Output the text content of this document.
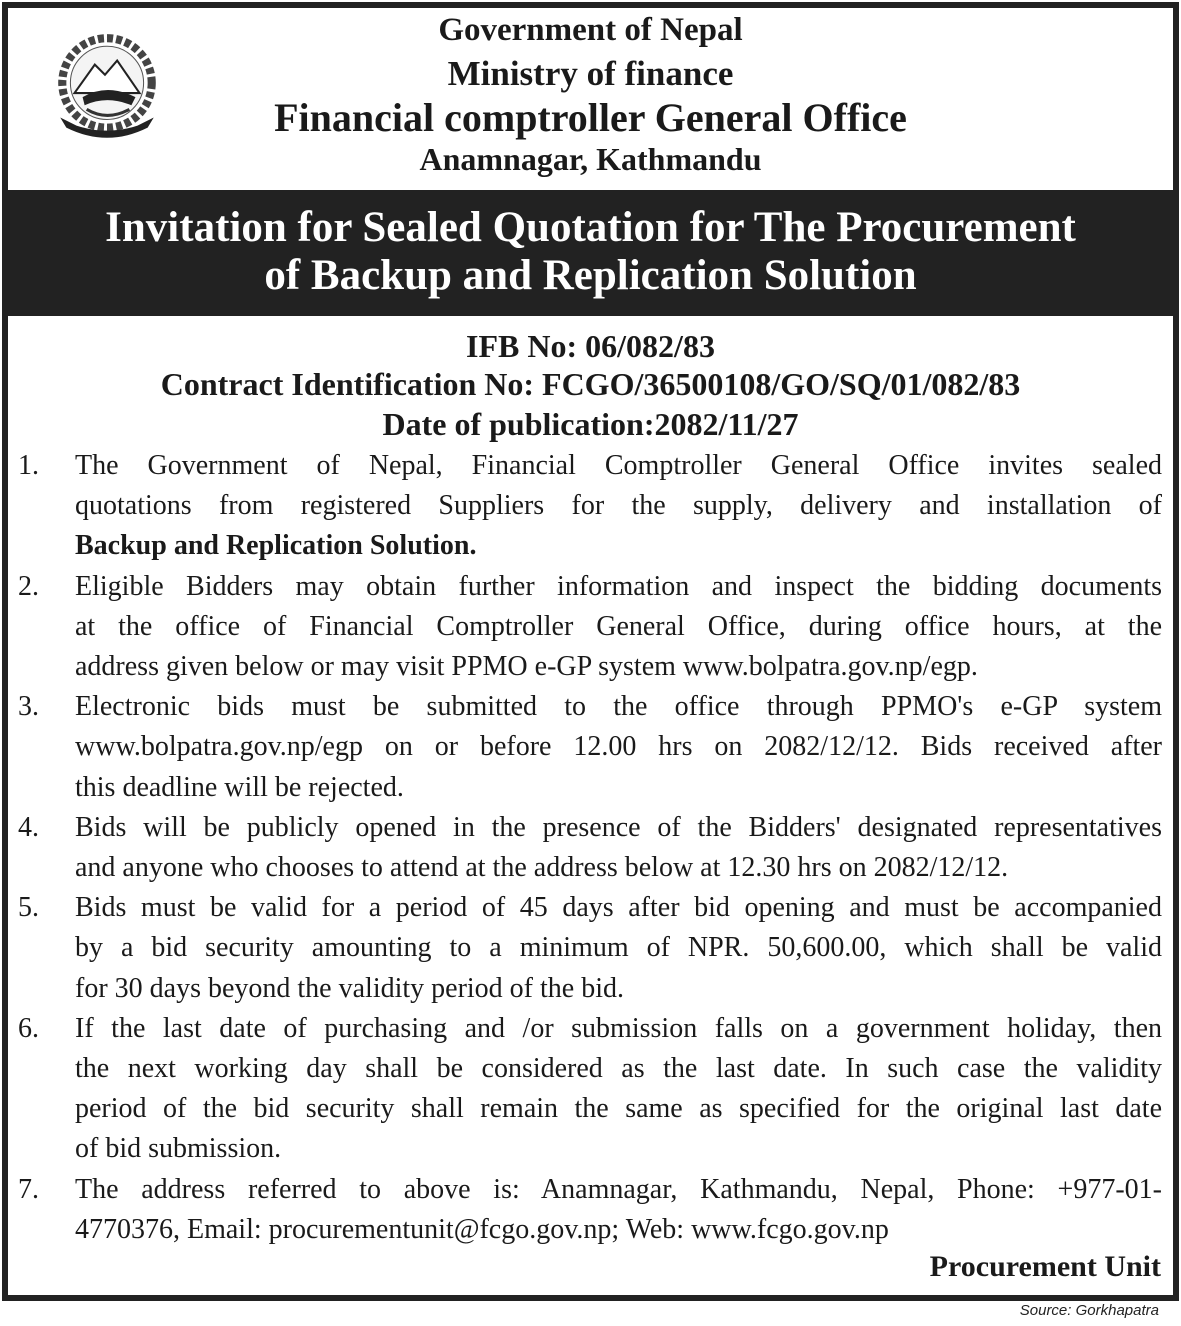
Government of Nepal
Ministry of finance
Financial comptroller General Office
Anamnagar, Kathmandu
Invitation for Sealed Quotation for The Procurement
of Backup and Replication Solution
IFB No: 06/082/83
Contract Identification No: FCGO/36500108/GO/SQ/01/082/83
Date of publication:2082/11/27
1. The Government of Nepal, Financial Comptroller General Office invites sealed
quotations from registered Suppliers for the supply, delivery and installation of
Backup and Replication Solution.
2. Eligible Bidders may obtain further information and inspect the bidding documents
at the office of Financial Comptroller General Office, during office hours, at the
address given below or may visit PPMO e-GP system www.bolpatra.gov.np/egp.
3. Electronic bids must be submitted to the office through PPMO's e-GP system
www.bolpatra.gov.np/egp on or before 12.00 hrs on 2082/12/12. Bids received after
this deadline will be rejected.
4. Bids will be publicly opened in the presence of the Bidders' designated representatives
and anyone who chooses to attend at the address below at 12.30 hrs on 2082/12/12.
5. Bids must be valid for a period of 45 days after bid opening and must be accompanied
by a bid security amounting to a minimum of NPR. 50,600.00, which shall be valid
for 30 days beyond the validity period of the bid.
6. If the last date of purchasing and /or submission falls on a government holiday, then
the next working day shall be considered as the last date. In such case the validity
period of the bid security shall remain the same as specified for the original last date
of bid submission.
7. The address referred to above is: Anamnagar, Kathmandu, Nepal, Phone: +977-01-
4770376, Email: procurementunit@fcgo.gov.np; Web: www.fcgo.gov.np
Procurement Unit
Source: Gorkhapatra
